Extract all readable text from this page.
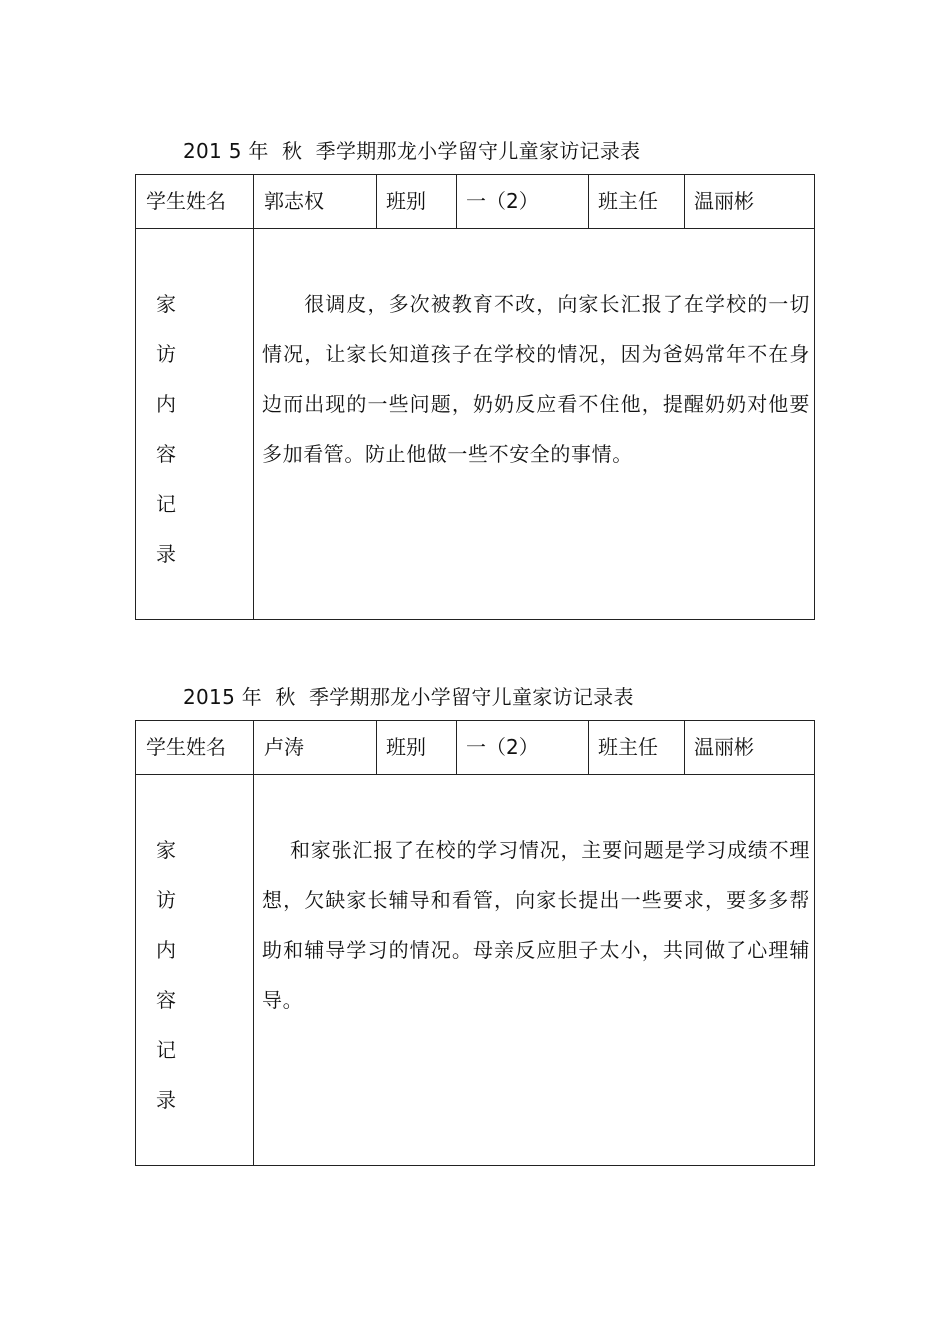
201 5 年  秋  季学期那龙小学留守儿童家访记录表
学生姓名 郭志权	班别 一（2）	班主任 温丽彬
家
访
内
容
记
录
　　很调皮，多次被教育不改，向家长汇报了在学校的一切情况，让家长知道孩子在学校的情况，因为爸妈常年不在身边而出现的一些问题，奶奶反应看不住他，提醒奶奶对他要多加看管。防止他做一些不安全的事情。
2015 年  秋  季学期那龙小学留守儿童家访记录表
学生姓名 卢涛	班别 一（2）	班主任 温丽彬
家
访
内
容
记
录
　 和家张汇报了在校的学习情况，主要问题是学习成绩不理想，欠缺家长辅导和看管，向家长提出一些要求，要多多帮助和辅导学习的情况。母亲反应胆子太小，共同做了心理辅导。
